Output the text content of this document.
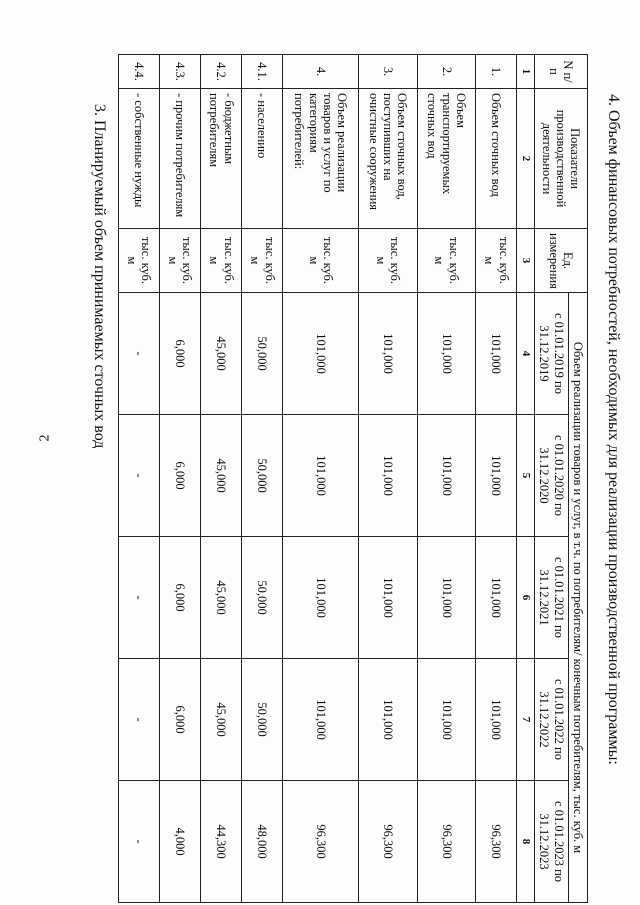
2	4. Объем финансовых потребностей, необходимых для реализации производственной программы:
N п/п	Показатели производственной деятельности	Ед. измерения	Объем реализации товаров и услуг, в т.ч. по потребителям/ конечным потребителям, тыс. куб. м				
			с 01.01.2019 по 31.12.2019	с 01.01.2020 по 31.12.2020	с 01.01.2021 по 31.12.2021	с 01.01.2022 по 31.12.2022	с 01.01.2023 по 31.12.2023
1	2	3	4	5	6	7	8
1.	Объем сточных вод	тыс. куб. м	101,000	101,000	101,000	101,000	96,300
2.	Объем транспортируемых сточных вод	тыс. куб. м	101,000	101,000	101,000	101,000	96,300
3.	Объем сточных вод, поступивших на очистные сооружения	тыс. куб. м	101,000	101,000	101,000	101,000	96,300
4.	Объем реализации товаров и услуг по категориям потребителей:	тыс. куб. м	101,000	101,000	101,000	101,000	96,300
4.1.	- населению	тыс. куб. м	50,000	50,000	50,000	50,000	48,000
4.2.	- бюджетным потребителям	тыс. куб. м	45,000	45,000	45,000	45,000	44,300
4.3.	- прочим потребителям	тыс. куб. м	6,000	6,000	6,000	6,000	4,000
4.4.	- собственные нужды	тыс. куб. м	-	-	-	-	-
3. Планируемый объем принимаемых сточных вод
